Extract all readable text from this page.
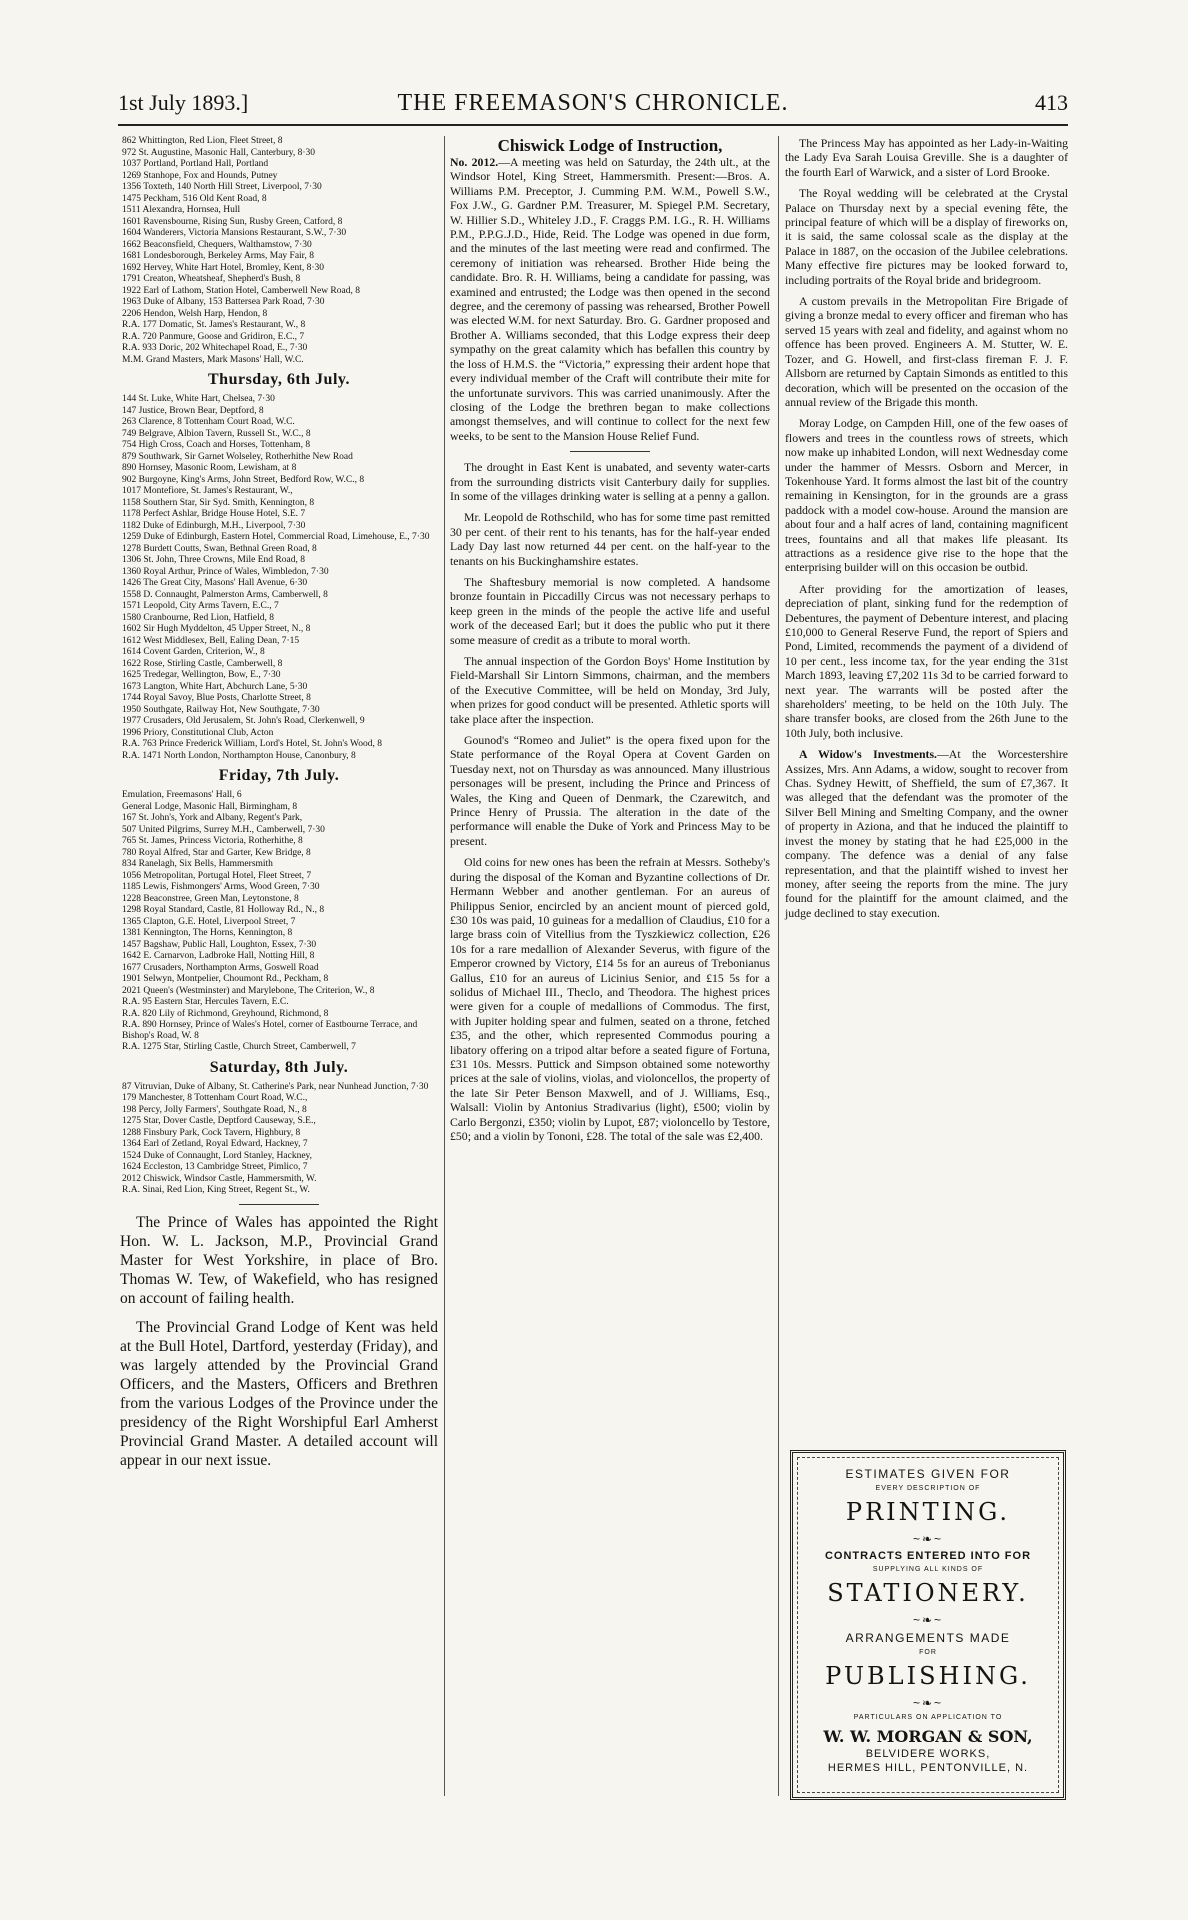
THE FREEMASON'S CHRONICLE.
1st July 1893.]	413
862 Whittington, Red Lion, Fleet Street, 8
972 St. Augustine, Masonic Hall, Canterbury, 8·30
1037 Portland, Portland Hall, Portland
1269 Stanhope, Fox and Hounds, Putney
1356 Toxteth, 140 North Hill Street, Liverpool, 7·30
1475 Peckham, 516 Old Kent Road, 8
1511 Alexandra, Hornsea, Hull
1601 Ravensbourne, Rising Sun, Rusby Green, Catford, 8
1604 Wanderers, Victoria Mansions Restaurant, S.W., 7·30
1662 Beaconsfield, Chequers, Walthamstow, 7·30
1681 Londesborough, Berkeley Arms, May Fair, 8
1692 Hervey, White Hart Hotel, Bromley, Kent, 8·30
1791 Creaton, Wheatsheaf, Shepherd's Bush, 8
1922 Earl of Lathom, Station Hotel, Camberwell New Road, 8
1963 Duke of Albany, 153 Battersea Park Road, 7·30
2206 Hendon, Welsh Harp, Hendon, 8
R.A. 177 Domatic, St. James's Restaurant, W., 8
R.A. 720 Panmure, Goose and Gridiron, E.C., 7
R.A. 933 Doric, 202 Whitechapel Road, E., 7·30
M.M. Grand Masters, Mark Masons' Hall, W.C.
Thursday, 6th July.
144 St. Luke, White Hart, Chelsea, 7·30
147 Justice, Brown Bear, Deptford, 8
263 Clarence, 8 Tottenham Court Road, W.C.
749 Belgrave, Albion Tavern, Russell St., W.C., 8
754 High Cross, Coach and Horses, Tottenham, 8
879 Southwark, Sir Garnet Wolseley, Rotherhithe New Road
890 Hornsey, Masonic Room, Lewisham, at 8
902 Burgoyne, King's Arms, John Street, Bedford Row, W.C., 8
1017 Montefiore, St. James's Restaurant, W.,
1158 Southern Star, Sir Syd. Smith, Kennington, 8
1178 Perfect Ashlar, Bridge House Hotel, S.E. 7
1182 Duke of Edinburgh, M.H., Liverpool, 7·30
1259 Duke of Edinburgh, Eastern Hotel, Commercial Road, Limehouse, E., 7·30
1278 Burdett Coutts, Swan, Bethnal Green Road, 8
1306 St. John, Three Crowns, Mile End Road, 8
1360 Royal Arthur, Prince of Wales, Wimbledon, 7·30
1426 The Great City, Masons' Hall Avenue, 6·30
1558 D. Connaught, Palmerston Arms, Camberwell, 8
1571 Leopold, City Arms Tavern, E.C., 7
1580 Cranbourne, Red Lion, Hatfield, 8
1602 Sir Hugh Myddelton, 45 Upper Street, N., 8
1612 West Middlesex, Bell, Ealing Dean, 7·15
1614 Covent Garden, Criterion, W., 8
1622 Rose, Stirling Castle, Camberwell, 8
1625 Tredegar, Wellington, Bow, E., 7·30
1673 Langton, White Hart, Abchurch Lane, 5·30
1744 Royal Savoy, Blue Posts, Charlotte Street, 8
1950 Southgate, Railway Hot, New Southgate, 7·30
1977 Crusaders, Old Jerusalem, St. John's Road, Clerkenwell, 9
1996 Priory, Constitutional Club, Acton
R.A. 763 Prince Frederick William, Lord's Hotel, St. John's Wood, 8
R.A. 1471 North London, Northampton House, Canonbury, 8
Friday, 7th July.
Emulation, Freemasons' Hall, 6
General Lodge, Masonic Hall, Birmingham, 8
167 St. John's, York and Albany, Regent's Park,
507 United Pilgrims, Surrey M.H., Camberwell, 7·30
765 St. James, Princess Victoria, Rotherhithe, 8
780 Royal Alfred, Star and Garter, Kew Bridge, 8
834 Ranelagh, Six Bells, Hammersmith
1056 Metropolitan, Portugal Hotel, Fleet Street, 7
1185 Lewis, Fishmongers' Arms, Wood Green, 7·30
1228 Beaconstree, Green Man, Leytonstone, 8
1298 Royal Standard, Castle, 81 Holloway Rd., N., 8
1365 Clapton, G.E. Hotel, Liverpool Street, 7
1381 Kennington, The Horns, Kennington, 8
1457 Bagshaw, Public Hall, Loughton, Essex, 7·30
1642 E. Carnarvon, Ladbroke Hall, Notting Hill, 8
1677 Crusaders, Northampton Arms, Goswell Road
1901 Selwyn, Montpelier, Choumont Rd., Peckham, 8
2021 Queen's (Westminster) and Marylebone, The Criterion, W., 8
R.A. 95 Eastern Star, Hercules Tavern, E.C.
R.A. 820 Lily of Richmond, Greyhound, Richmond, 8
R.A. 890 Hornsey, Prince of Wales's Hotel, corner of Eastbourne Terrace, and Bishop's Road, W. 8
R.A. 1275 Star, Stirling Castle, Church Street, Camberwell, 7
Saturday, 8th July.
87 Vitruvian, Duke of Albany, St. Catherine's Park, near Nunhead Junction, 7·30
179 Manchester, 8 Tottenham Court Road, W.C.,
198 Percy, Jolly Farmers', Southgate Road, N., 8
1275 Star, Dover Castle, Deptford Causeway, S.E.,
1288 Finsbury Park, Cock Tavern, Highbury, 8
1364 Earl of Zetland, Royal Edward, Hackney, 7
1524 Duke of Connaught, Lord Stanley, Hackney,
1624 Eccleston, 13 Cambridge Street, Pimlico, 7
2012 Chiswick, Windsor Castle, Hammersmith, W.
R.A. Sinai, Red Lion, King Street, Regent St., W.

The Prince of Wales has appointed the Right Hon. W. L. Jackson, M.P., Provincial Grand Master for West Yorkshire, in place of Bro. Thomas W. Tew, of Wakefield, who has resigned on account of failing health.

The Provincial Grand Lodge of Kent was held at the Bull Hotel, Dartford, yesterday (Friday), and was largely attended by the Provincial Grand Officers, and the Masters, Officers and Brethren from the various Lodges of the Province under the presidency of the Right Worshipful Earl Amherst Provincial Grand Master. A detailed account will appear in our next issue.

Chiswick Lodge of Instruction,

No. 2012.—A meeting was held on Saturday, the 24th ult., at the Windsor Hotel, King Street, Hammersmith. Present:—Bros. A. Williams P.M. Preceptor, J. Cumming P.M. W.M., Powell S.W., Fox J.W., G. Gardner P.M. Treasurer, M. Spiegel P.M. Secretary, W. Hillier S.D., Whiteley J.D., F. Craggs P.M. I.G., R. H. Williams P.M., P.P.G.J.D., Hide, Reid. The Lodge was opened in due form, and the minutes of the last meeting were read and confirmed. The ceremony of initiation was rehearsed. Brother Hide being the candidate. Bro. R. H. Williams, being a candidate for passing, was examined and entrusted; the Lodge was then opened in the second degree, and the ceremony of passing was rehearsed, Brother Powell was elected W.M. for next Saturday. Bro. G. Gardner proposed and Brother A. Williams seconded, that this Lodge express their deep sympathy on the great calamity which has befallen this country by the loss of H.M.S. the “Victoria,” expressing their ardent hope that every individual member of the Craft will contribute their mite for the unfortunate survivors. This was carried unanimously. After the closing of the Lodge the brethren began to make collections amongst themselves, and will continue to collect for the next few weeks, to be sent to the Mansion House Relief Fund.

The drought in East Kent is unabated, and seventy water-carts from the surrounding districts visit Canterbury daily for supplies. In some of the villages drinking water is selling at a penny a gallon.

Mr. Leopold de Rothschild, who has for some time past remitted 30 per cent. of their rent to his tenants, has for the half-year ended Lady Day last now returned 44 per cent. on the half-year to the tenants on his Buckinghamshire estates.

The Shaftesbury memorial is now completed. A handsome bronze fountain in Piccadilly Circus was not necessary perhaps to keep green in the minds of the people the active life and useful work of the deceased Earl; but it does the public who put it there some measure of credit as a tribute to moral worth.

The annual inspection of the Gordon Boys' Home Institution by Field-Marshall Sir Lintorn Simmons, chairman, and the members of the Executive Committee, will be held on Monday, 3rd July, when prizes for good conduct will be presented. Athletic sports will take place after the inspection.

Gounod's “Romeo and Juliet” is the opera fixed upon for the State performance of the Royal Opera at Covent Garden on Tuesday next, not on Thursday as was announced. Many illustrious personages will be present, including the Prince and Princess of Wales, the King and Queen of Denmark, the Czarewitch, and Prince Henry of Prussia. The alteration in the date of the performance will enable the Duke of York and Princess May to be present.

Old coins for new ones has been the refrain at Messrs. Sotheby's during the disposal of the Koman and Byzantine collections of Dr. Hermann Webber and another gentleman. For an aureus of Philippus Senior, encircled by an ancient mount of pierced gold, £30 10s was paid, 10 guineas for a medallion of Claudius, £10 for a large brass coin of Vitellius from the Tyszkiewicz collection, £26 10s for a rare medallion of Alexander Severus, with figure of the Emperor crowned by Victory, £14 5s for an aureus of Trebonianus Gallus, £10 for an aureus of Licinius Senior, and £15 5s for a solidus of Michael III., Theclo, and Theodora. The highest prices were given for a couple of medallions of Commodus. The first, with Jupiter holding spear and fulmen, seated on a throne, fetched £35, and the other, which represented Commodus pouring a libatory offering on a tripod altar before a seated figure of Fortuna, £31 10s. Messrs. Puttick and Simpson obtained some noteworthy prices at the sale of violins, violas, and violoncellos, the property of the late Sir Peter Benson Maxwell, and of J. Williams, Esq., Walsall: Violin by Antonius Stradivarius (light), £500; violin by Carlo Bergonzi, £350; violin by Lupot, £87; violoncello by Testore, £50; and a violin by Tononi, £28. The total of the sale was £2,400.

The Princess May has appointed as her Lady-in-Waiting the Lady Eva Sarah Louisa Greville. She is a daughter of the fourth Earl of Warwick, and a sister of Lord Brooke.

The Royal wedding will be celebrated at the Crystal Palace on Thursday next by a special evening fête, the principal feature of which will be a display of fireworks on, it is said, the same colossal scale as the display at the Palace in 1887, on the occasion of the Jubilee celebrations. Many effective fire pictures may be looked forward to, including portraits of the Royal bride and bridegroom.

A custom prevails in the Metropolitan Fire Brigade of giving a bronze medal to every officer and fireman who has served 15 years with zeal and fidelity, and against whom no offence has been proved. Engineers A. M. Stutter, W. E. Tozer, and G. Howell, and first-class fireman F. J. F. Allsborn are returned by Captain Simonds as entitled to this decoration, which will be presented on the occasion of the annual review of the Brigade this month.

Moray Lodge, on Campden Hill, one of the few oases of flowers and trees in the countless rows of streets, which now make up inhabited London, will next Wednesday come under the hammer of Messrs. Osborn and Mercer, in Tokenhouse Yard. It forms almost the last bit of the country remaining in Kensington, for in the grounds are a grass paddock with a model cow-house. Around the mansion are about four and a half acres of land, containing magnificent trees, fountains and all that makes life pleasant. Its attractions as a residence give rise to the hope that the enterprising builder will on this occasion be outbid.

After providing for the amortization of leases, depreciation of plant, sinking fund for the redemption of Debentures, the payment of Debenture interest, and placing £10,000 to General Reserve Fund, the report of Spiers and Pond, Limited, recommends the payment of a dividend of 10 per cent., less income tax, for the year ending the 31st March 1893, leaving £7,202 11s 3d to be carried forward to next year. The warrants will be posted after the shareholders' meeting, to be held on the 10th July. The share transfer books, are closed from the 26th June to the 10th July, both inclusive.

A Widow's Investments.—At the Worcestershire Assizes, Mrs. Ann Adams, a widow, sought to recover from Chas. Sydney Hewitt, of Sheffield, the sum of £7,367. It was alleged that the defendant was the promoter of the Silver Bell Mining and Smelting Company, and the owner of property in Aziona, and that he induced the plaintiff to invest the money by stating that he had £25,000 in the company. The defence was a denial of any false representation, and that the plaintiff wished to invest her money, after seeing the reports from the mine. The jury found for the plaintiff for the amount claimed, and the judge declined to stay execution.

ESTIMATES GIVEN FOR
EVERY DESCRIPTION OF
PRINTING.
~❧~
CONTRACTS ENTERED INTO FOR
SUPPLYING ALL KINDS OF
STATIONERY.
~❧~
ARRANGEMENTS MADE
FOR
PUBLISHING.
~❧~
PARTICULARS ON APPLICATION TO
W. W. MORGAN & SON,
BELVIDERE WORKS,
HERMES HILL, PENTONVILLE, N.
